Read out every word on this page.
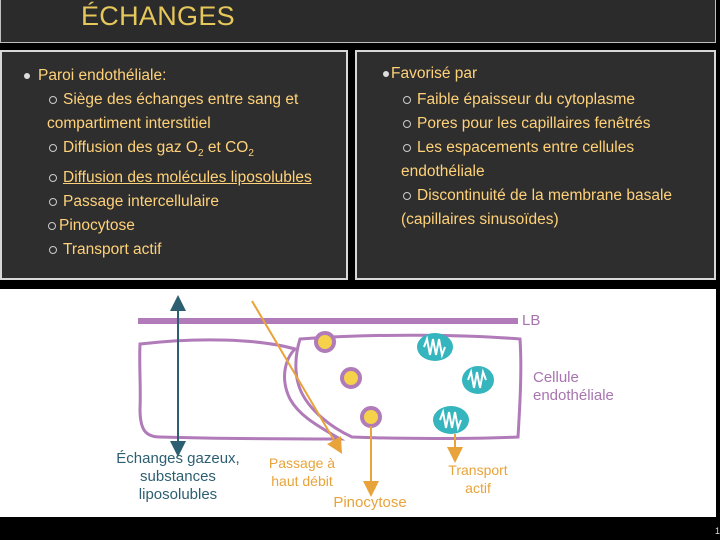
ÉCHANGES
Paroi endothéliale:
Siège des échanges entre sang et
compartiment interstitiel
Diffusion des gaz $O_2$ et $CO_2$
Diffusion des molécules liposolubles
Passage intercellulaire
Pinocytose
Transport actif
Favorisé par
Faible épaisseur du cytoplasme
Pores pour les capillaires fenêtrés
Les espacements entre cellules
endothéliale
Discontinuité de la membrane basale
(capillaires sinusoïdes)
LB
Cellule
endothéliale
Échanges gazeux,
substances
liposolubles
Passage à
haut débit
Pinocytose
Transport
actif
1
